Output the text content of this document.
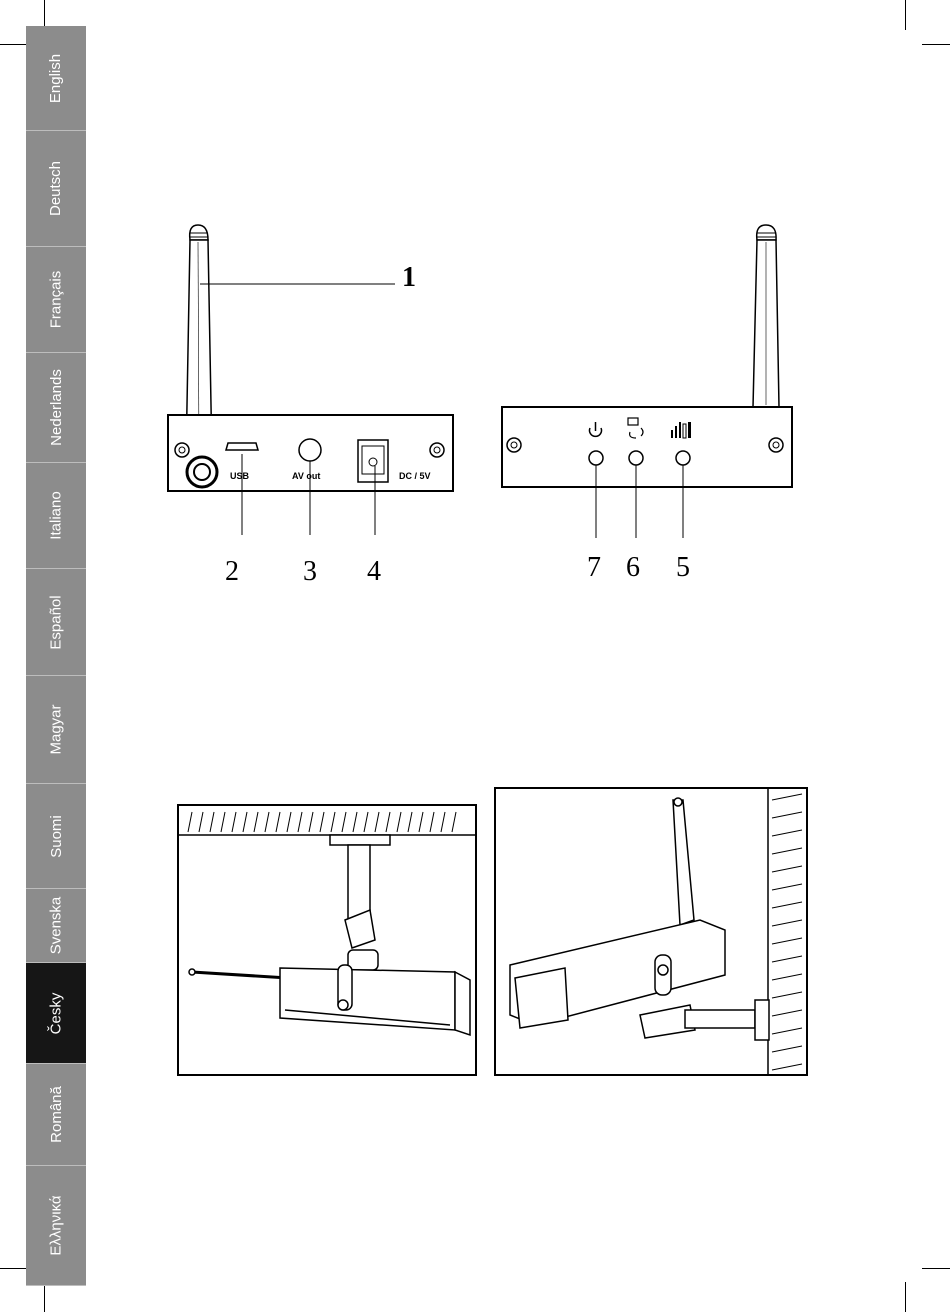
English
Deutsch
Français
Nederlands
Italiano
Español
Magyar
Suomi
Svenska
Česky
Română
Ελληνικά
USB	AV out	DC / 5V
1
2 3 4	7 6 5
